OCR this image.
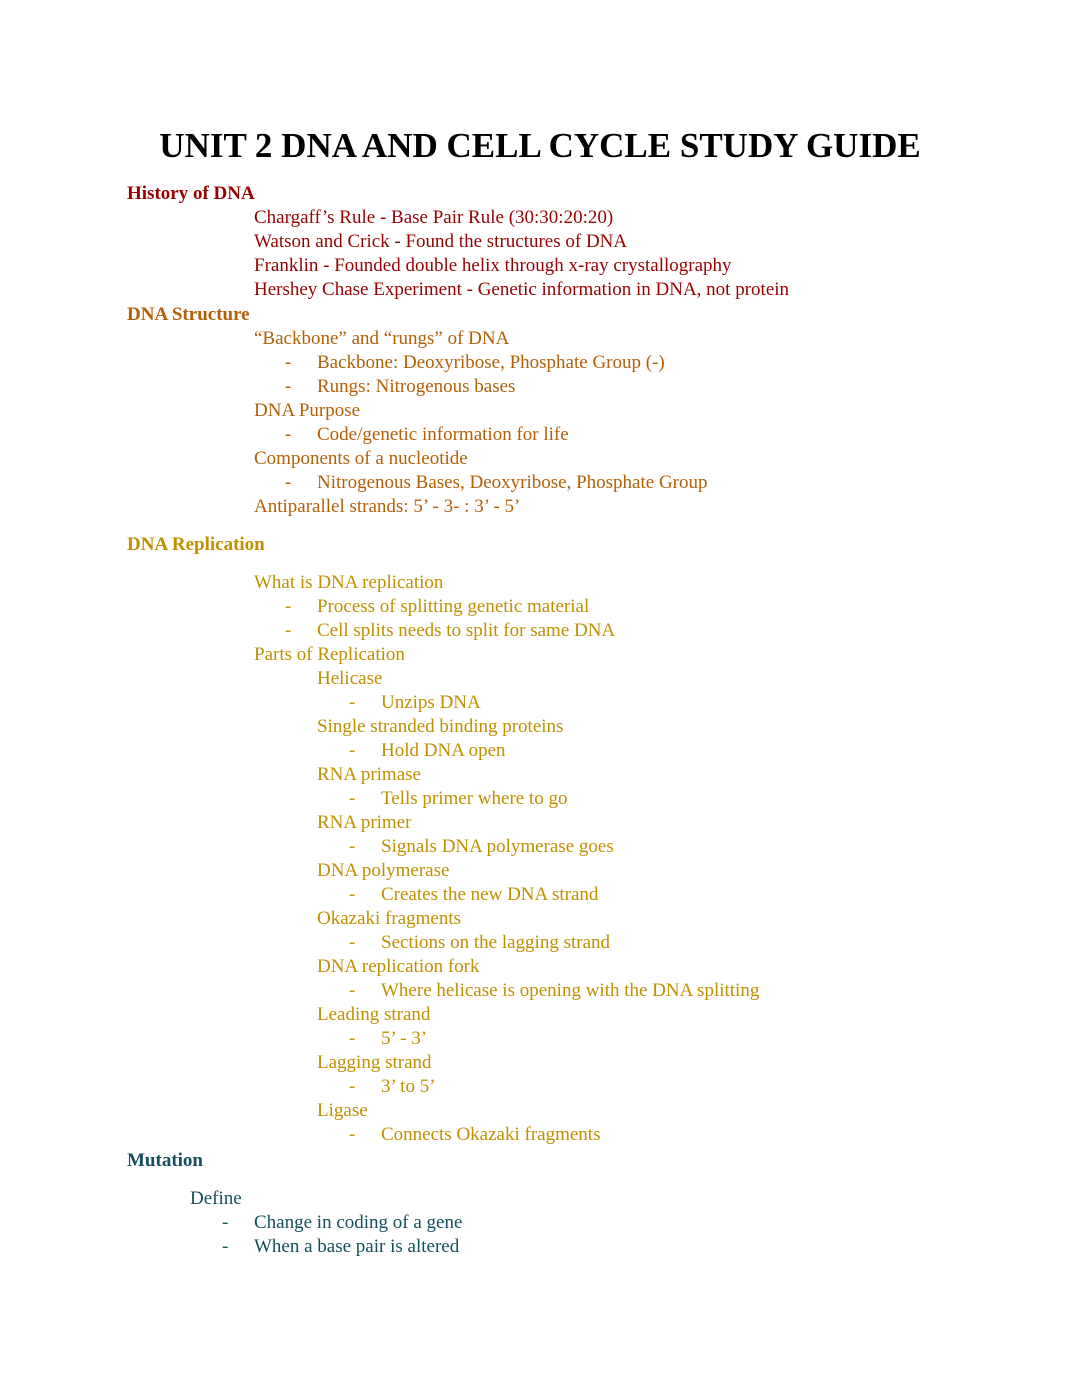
UNIT 2 DNA AND CELL CYCLE STUDY GUIDE
History of DNA
Chargaff’s Rule - Base Pair Rule (30:30:20:20)
Watson and Crick - Found the structures of DNA
Franklin - Founded double helix through x-ray crystallography
Hershey Chase Experiment - Genetic information in DNA, not protein
DNA Structure
“Backbone” and “rungs” of DNA
- Backbone: Deoxyribose, Phosphate Group (-)
- Rungs: Nitrogenous bases
DNA Purpose
- Code/genetic information for life
Components of a nucleotide
- Nitrogenous Bases, Deoxyribose, Phosphate Group
Antiparallel strands: 5’ - 3- : 3’ - 5’
DNA Replication
What is DNA replication
- Process of splitting genetic material
- Cell splits needs to split for same DNA
Parts of Replication
Helicase
- Unzips DNA
Single stranded binding proteins
- Hold DNA open
RNA primase
- Tells primer where to go
RNA primer
- Signals DNA polymerase goes
DNA polymerase
- Creates the new DNA strand
Okazaki fragments
- Sections on the lagging strand
DNA replication fork
- Where helicase is opening with the DNA splitting
Leading strand
- 5’ - 3’
Lagging strand
- 3’ to 5’
Ligase
- Connects Okazaki fragments
Mutation
Define
- Change in coding of a gene
- When a base pair is altered
